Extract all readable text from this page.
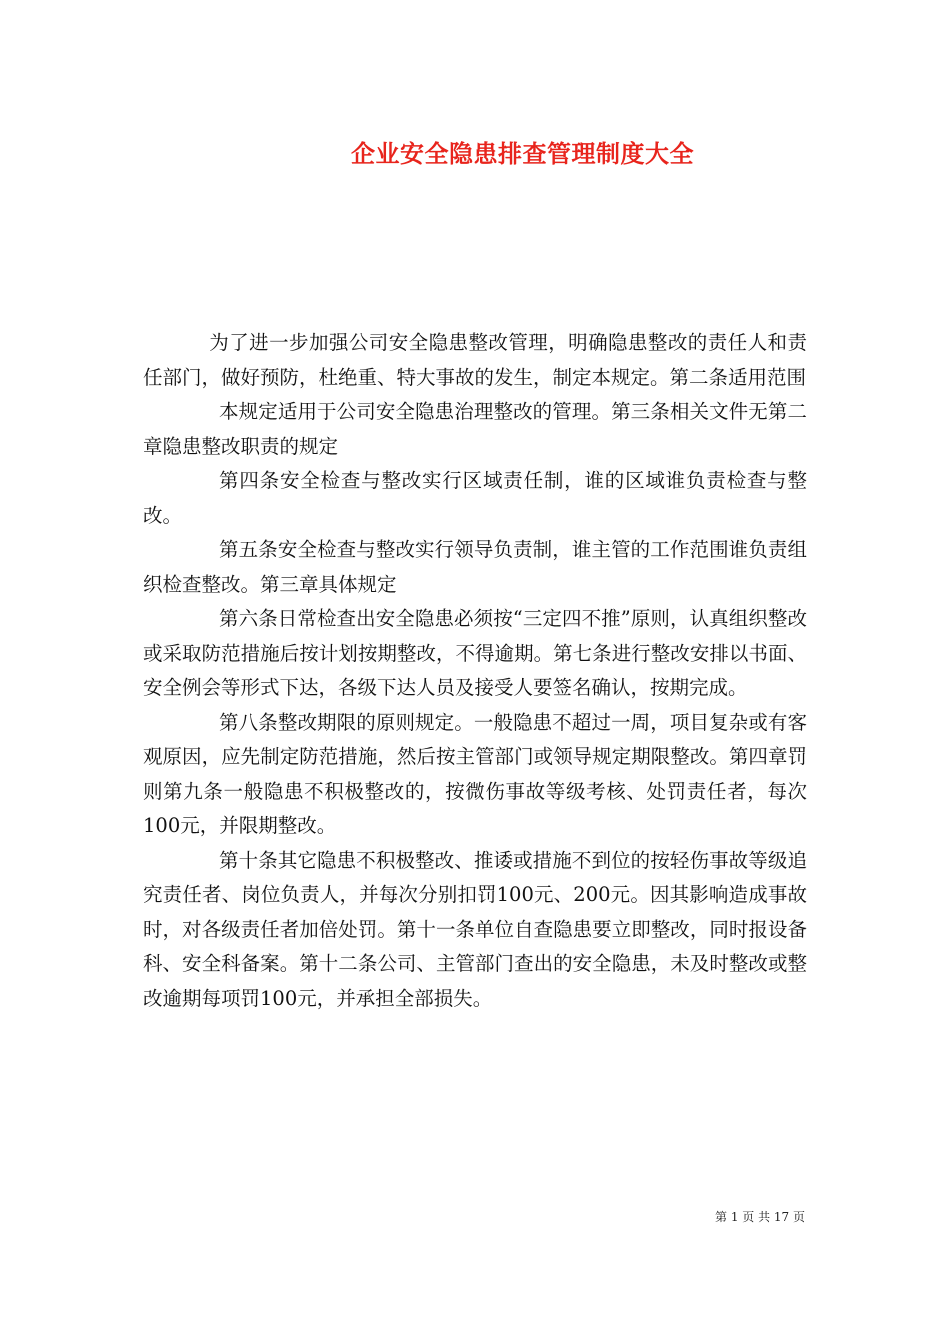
企业安全隐患排查管理制度大全

为了进一步加强公司安全隐患整改管理，明确隐患整改的责任人和责任部门，做好预防，杜绝重、特大事故的发生，制定本规定。第二条适用范围

本规定适用于公司安全隐患治理整改的管理。第三条相关文件无第二章隐患整改职责的规定

第四条安全检查与整改实行区域责任制，谁的区域谁负责检查与整改。

第五条安全检查与整改实行领导负责制，谁主管的工作范围谁负责组织检查整改。第三章具体规定

第六条日常检查出安全隐患必须按“三定四不推”原则，认真组织整改或采取防范措施后按计划按期整改，不得逾期。第七条进行整改安排以书面、安全例会等形式下达，各级下达人员及接受人要签名确认，按期完成。

第八条整改期限的原则规定。一般隐患不超过一周，项目复杂或有客观原因，应先制定防范措施，然后按主管部门或领导规定期限整改。第四章罚则第九条一般隐患不积极整改的，按微伤事故等级考核、处罚责任者，每次100元，并限期整改。

第十条其它隐患不积极整改、推诿或措施不到位的按轻伤事故等级追究责任者、岗位负责人，并每次分别扣罚100元、200元。因其影响造成事故时，对各级责任者加倍处罚。第十一条单位自查隐患要立即整改，同时报设备科、安全科备案。第十二条公司、主管部门查出的安全隐患，未及时整改或整改逾期每项罚100元，并承担全部损失。

第 1 页 共 17 页
